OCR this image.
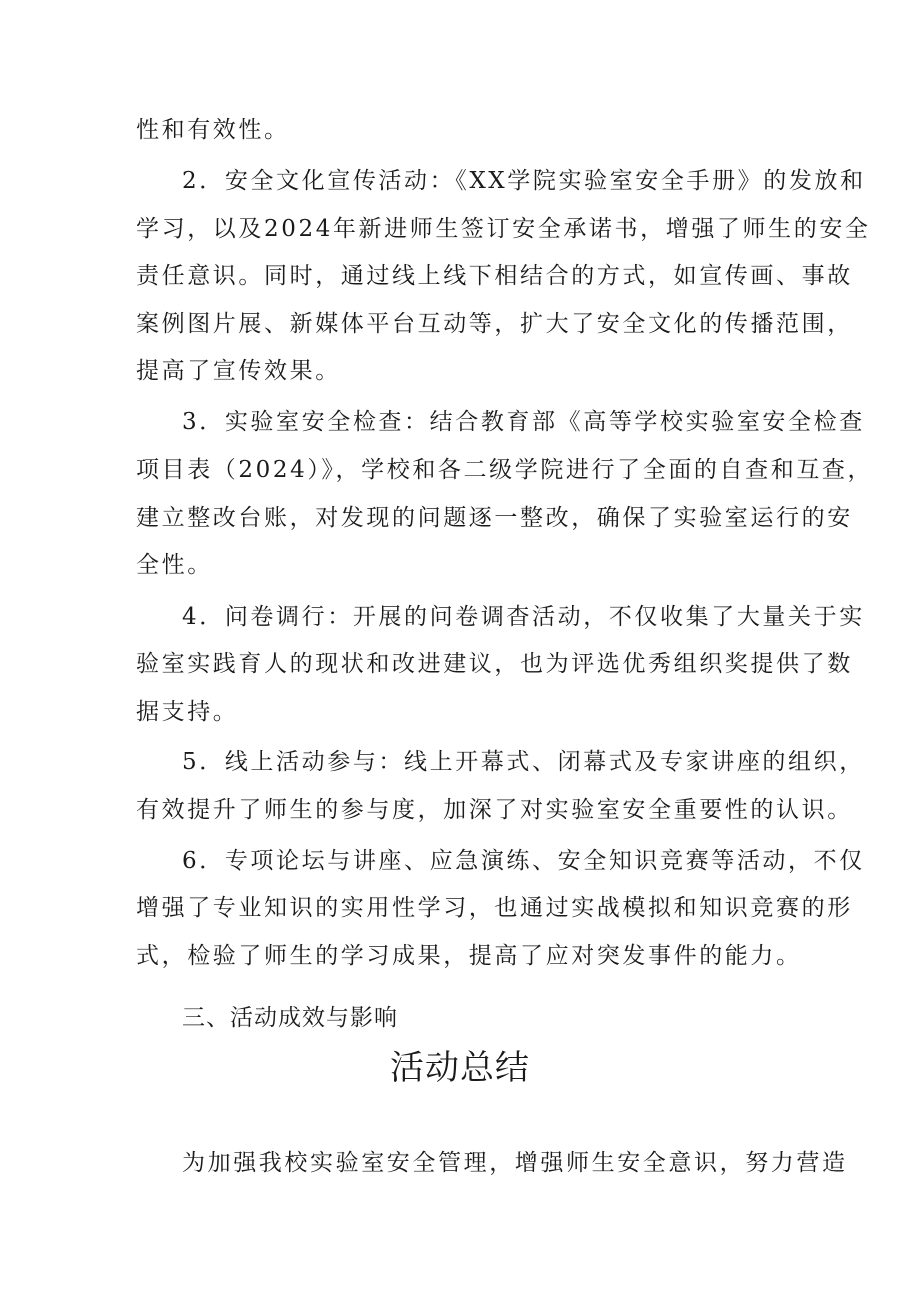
性和有效性。
2．安全文化宣传活动：《XX学院实验室安全手册》的发放和
学习，以及2024年新进师生签订安全承诺书，增强了师生的安全
责任意识。同时，通过线上线下相结合的方式，如宣传画、事故
案例图片展、新媒体平台互动等，扩大了安全文化的传播范围，
提高了宣传效果。
3．实验室安全检查：结合教育部《高等学校实验室安全检查
项目表（2024）》，学校和各二级学院进行了全面的自查和互查，
建立整改台账，对发现的问题逐一整改，确保了实验室运行的安
全性。
4．问卷调行：开展的问卷调杳活动，不仅收集了大量关于实
验室实践育人的现状和改进建议，也为评选优秀组织奖提供了数
据支持。
5．线上活动参与：线上开幕式、闭幕式及专家讲座的组织，
有效提升了师生的参与度，加深了对实验室安全重要性的认识。
6．专项论坛与讲座、应急演练、安全知识竞赛等活动，不仅
增强了专业知识的实用性学习，也通过实战模拟和知识竞赛的形
式，检验了师生的学习成果，提高了应对突发事件的能力。
三、活动成效与影响
活动总结
为加强我校实验室安全管理，增强师生安全意识，努力营造
